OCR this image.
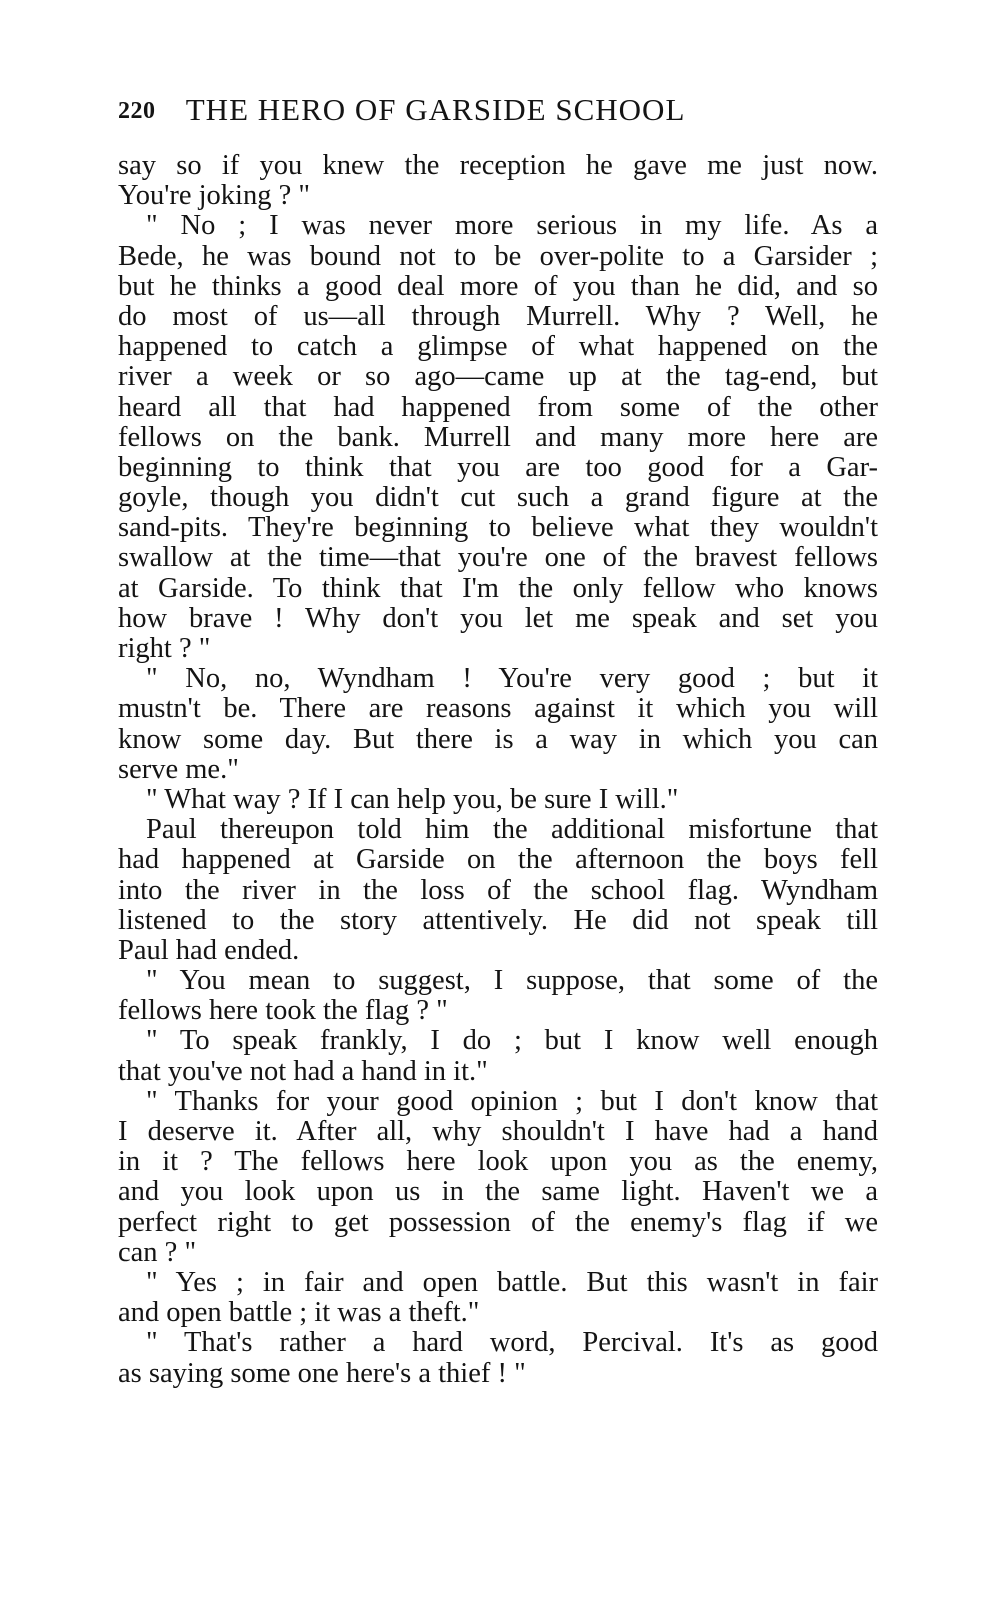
220 THE HERO OF GARSIDE SCHOOL
say so if you knew the reception he gave me just now.
You're joking ? "
" No ; I was never more serious in my life. As a
Bede, he was bound not to be over-polite to a Garsider ;
but he thinks a good deal more of you than he did, and so
do most of us—all through Murrell. Why ? Well, he
happened to catch a glimpse of what happened on the
river a week or so ago—came up at the tag-end, but
heard all that had happened from some of the other
fellows on the bank. Murrell and many more here are
beginning to think that you are too good for a Gar-
goyle, though you didn't cut such a grand figure at the
sand-pits. They're beginning to believe what they wouldn't
swallow at the time—that you're one of the bravest fellows
at Garside. To think that I'm the only fellow who knows
how brave ! Why don't you let me speak and set you
right ? "
" No, no, Wyndham ! You're very good ; but it
mustn't be. There are reasons against it which you will
know some day. But there is a way in which you can
serve me."
" What way ? If I can help you, be sure I will."
Paul thereupon told him the additional misfortune that
had happened at Garside on the afternoon the boys fell
into the river in the loss of the school flag. Wyndham
listened to the story attentively. He did not speak till
Paul had ended.
" You mean to suggest, I suppose, that some of the
fellows here took the flag ? "
" To speak frankly, I do ; but I know well enough
that you've not had a hand in it."
" Thanks for your good opinion ; but I don't know that
I deserve it. After all, why shouldn't I have had a hand
in it ? The fellows here look upon you as the enemy,
and you look upon us in the same light. Haven't we a
perfect right to get possession of the enemy's flag if we
can ? "
" Yes ; in fair and open battle. But this wasn't in fair
and open battle ; it was a theft."
" That's rather a hard word, Percival. It's as good
as saying some one here's a thief ! "
